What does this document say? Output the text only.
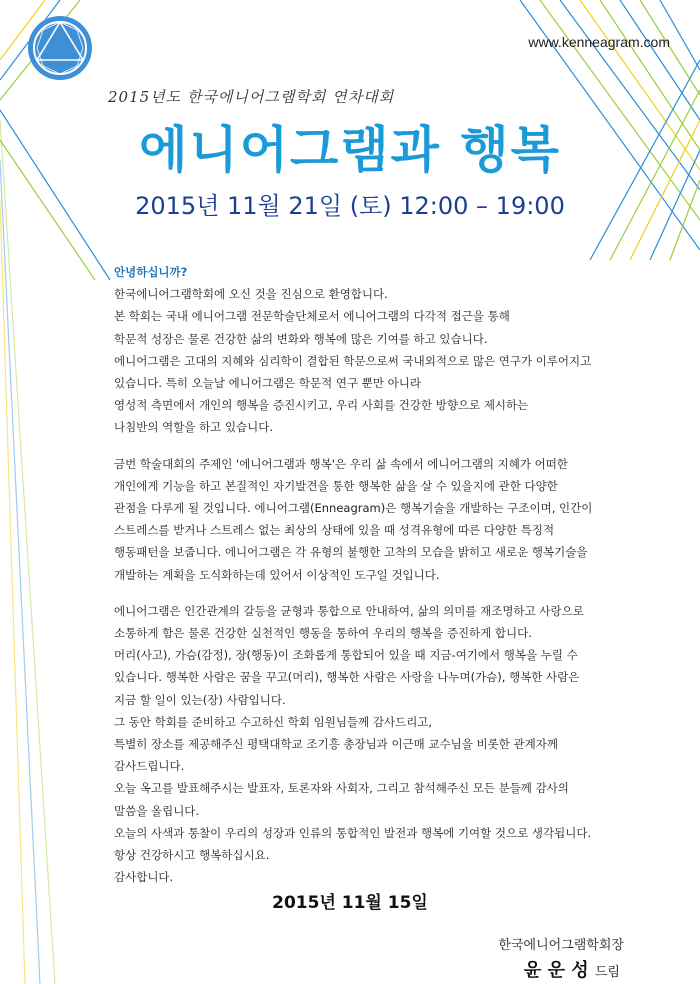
www.kenneagram.com
2015년도 한국에니어그램학회 연차대회
에니어그램과 행복
2015년 11월 21일 (토) 12:00 – 19:00
안녕하십니까?
한국에니어그램학회에 오신 것을 진심으로 환영합니다.
본 학회는 국내 에니어그램 전문학술단체로서 에니어그램의 다각적 접근을 통해
학문적 성장은 물론 건강한 삶의 변화와 행복에 많은 기여를 하고 있습니다.
에니어그램은 고대의 지혜와 심리학이 결합된 학문으로써 국내외적으로 많은 연구가 이루어지고
있습니다. 특히 오늘날 에니어그램은 학문적 연구 뿐만 아니라
영성적 측면에서 개인의 행복을 증진시키고, 우리 사회를 건강한 방향으로 제시하는
나침반의 역할을 하고 있습니다.
금번 학술대회의 주제인 '에니어그램과 행복'은 우리 삶 속에서 에니어그램의 지혜가 어떠한
개인에게 기능을 하고 본질적인 자기발견을 통한 행복한 삶을 살 수 있을지에 관한 다양한
관점을 다루게 될 것입니다. 에니어그램(Enneagram)은 행복기술을 개발하는 구조이며, 인간이
스트레스를 받거나 스트레스 없는 최상의 상태에 있을 때 성격유형에 따른 다양한 특징적
행동패턴을 보줍니다. 에니어그램은 각 유형의 불행한 고착의 모습을 밝히고 새로운 행복기술을
개발하는 계획을 도식화하는데 있어서 이상적인 도구일 것입니다.
에니어그램은 인간관계의 갈등을 균형과 통합으로 안내하여, 삶의 의미를 재조명하고 사랑으로
소통하게 함은 물론 건강한 실천적인 행동을 통하여 우리의 행복을 증진하게 합니다.
머리(사고), 가슴(감정), 장(행동)이 조화롭게 통합되어 있을 때 지금-여기에서 행복을 누릴 수
있습니다. 행복한 사람은 꿈을 꾸고(머리), 행복한 사람은 사랑을 나누며(가슴), 행복한 사람은
지금 할 일이 있는(장) 사람입니다.
그 동안 학회를 준비하고 수고하신 학회 임원님들께 감사드리고,
특별히 장소를 제공해주신 평택대학교 조기흥 총장님과 이근매 교수님을 비롯한 관계자께
감사드립니다.
오늘 옥고를 발표해주시는 발표자, 토론자와 사회자, 그리고 참석해주신 모든 분들께 감사의
말씀을 올립니다.
오늘의 사색과 통찰이 우리의 성장과 인류의 통합적인 발전과 행복에 기여할 것으로 생각됩니다.
항상 건강하시고 행복하십시요.
감사합니다.
2015년 11월 15일
한국에니어그램학회장
윤 운 성 드림
